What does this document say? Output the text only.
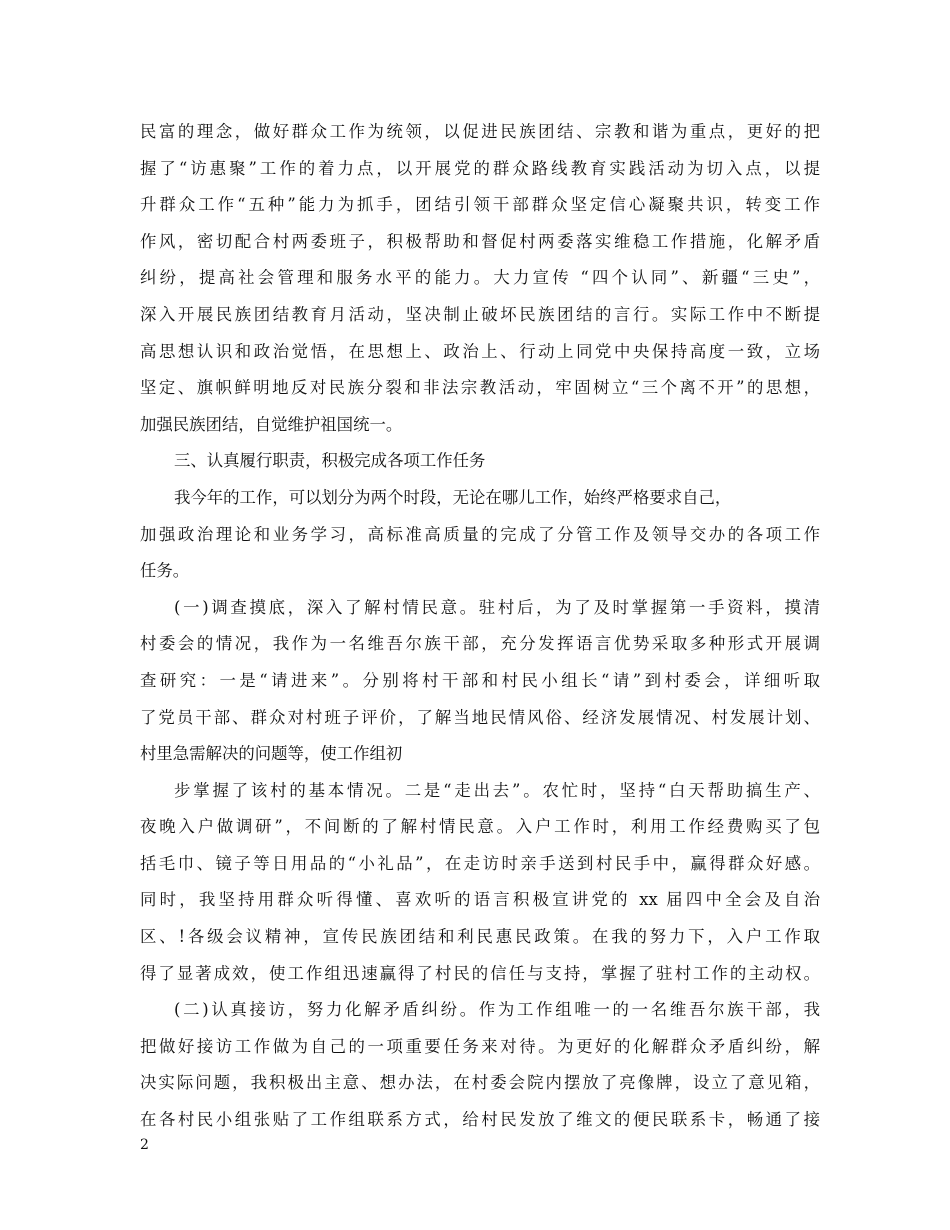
民富的理念，做好群众工作为统领，以促进民族团结、宗教和谐为重点，更好的把
握了“访惠聚”工作的着力点，以开展党的群众路线教育实践活动为切入点，以提
升群众工作“五种”能力为抓手，团结引领干部群众坚定信心凝聚共识，转变工作
作风，密切配合村两委班子，积极帮助和督促村两委落实维稳工作措施，化解矛盾
纠纷，提高社会管理和服务水平的能力。大力宣传 “四个认同”、新疆“三史”，
深入开展民族团结教育月活动，坚决制止破坏民族团结的言行。实际工作中不断提
高思想认识和政治觉悟，在思想上、政治上、行动上同党中央保持高度一致，立场
坚定、旗帜鲜明地反对民族分裂和非法宗教活动，牢固树立“三个离不开”的思想，
加强民族团结，自觉维护祖国统一。
三、认真履行职责，积极完成各项工作任务
我今年的工作，可以划分为两个时段，无论在哪儿工作，始终严格要求自己，
加强政治理论和业务学习，高标准高质量的完成了分管工作及领导交办的各项工作
任务。
(一)调查摸底，深入了解村情民意。驻村后，为了及时掌握第一手资料，摸清
村委会的情况，我作为一名维吾尔族干部，充分发挥语言优势采取多种形式开展调
查研究：一是“请进来”。分别将村干部和村民小组长“请”到村委会，详细听取
了党员干部、群众对村班子评价，了解当地民情风俗、经济发展情况、村发展计划、
村里急需解决的问题等，使工作组初
步掌握了该村的基本情况。二是“走出去”。农忙时，坚持“白天帮助搞生产、
夜晚入户做调研”，不间断的了解村情民意。入户工作时，利用工作经费购买了包
括毛巾、镜子等日用品的“小礼品”，在走访时亲手送到村民手中，赢得群众好感。
同时，我坚持用群众听得懂、喜欢听的语言积极宣讲党的 xx 届四中全会及自治
区、!各级会议精神，宣传民族团结和利民惠民政策。在我的努力下，入户工作取
得了显著成效，使工作组迅速赢得了村民的信任与支持，掌握了驻村工作的主动权。
(二)认真接访，努力化解矛盾纠纷。作为工作组唯一的一名维吾尔族干部，我
把做好接访工作做为自己的一项重要任务来对待。为更好的化解群众矛盾纠纷，解
决实际问题，我积极出主意、想办法，在村委会院内摆放了亮像牌，设立了意见箱，
在各村民小组张贴了工作组联系方式，给村民发放了维文的便民联系卡，畅通了接
2
